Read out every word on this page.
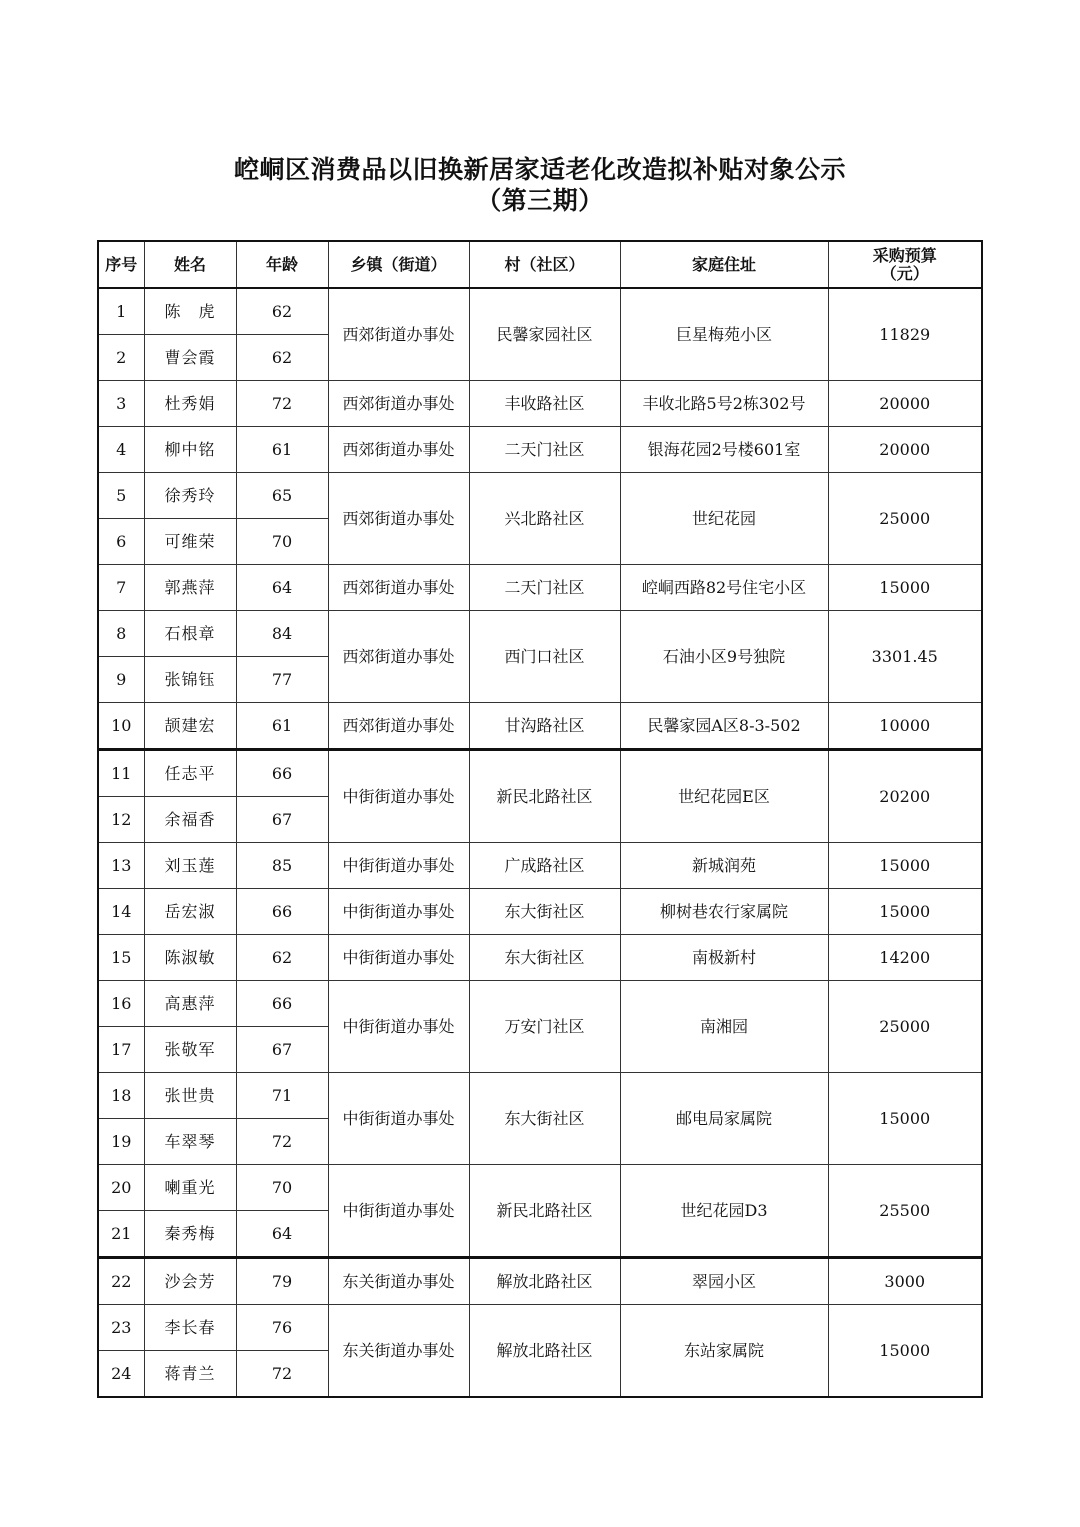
崆峒区消费品以旧换新居家适老化改造拟补贴对象公示
（第三期）
序号	姓名	年龄	乡镇（街道）	村（社区）	家庭住址	采购预算
（元）

1	陈　虎	62	西郊街道办事处	民馨家园社区	巨星梅苑小区	11829
2	曹会霞	62				
3	杜秀娟	72	西郊街道办事处	丰收路社区	丰收北路5号2栋302号	20000
4	柳中铭	61	西郊街道办事处	二天门社区	银海花园2号楼601室	20000
5	徐秀玲	65	西郊街道办事处	兴北路社区	世纪花园	25000
6	可维荣	70				
7	郭燕萍	64	西郊街道办事处	二天门社区	崆峒西路82号住宅小区	15000
8	石根章	84	西郊街道办事处	西门口社区	石油小区9号独院	3301.45
9	张锦钰	77				
10	颉建宏	61	西郊街道办事处	甘沟路社区	民馨家园A区8-3-502	10000
11	任志平	66	中街街道办事处	新民北路社区	世纪花园E区	20200
12	余福香	67				
13	刘玉莲	85	中街街道办事处	广成路社区	新城润苑	15000
14	岳宏淑	66	中街街道办事处	东大街社区	柳树巷农行家属院	15000
15	陈淑敏	62	中街街道办事处	东大街社区	南极新村	14200
16	高惠萍	66	中街街道办事处	万安门社区	南湘园	25000
17	张敬军	67				
18	张世贵	71	中街街道办事处	东大街社区	邮电局家属院	15000
19	车翠琴	72				
20	喇重光	70	中街街道办事处	新民北路社区	世纪花园D3	25500
21	秦秀梅	64				
22	沙会芳	79	东关街道办事处	解放北路社区	翠园小区	3000
23	李长春	76	东关街道办事处	解放北路社区	东站家属院	15000
24	蒋青兰	72				
